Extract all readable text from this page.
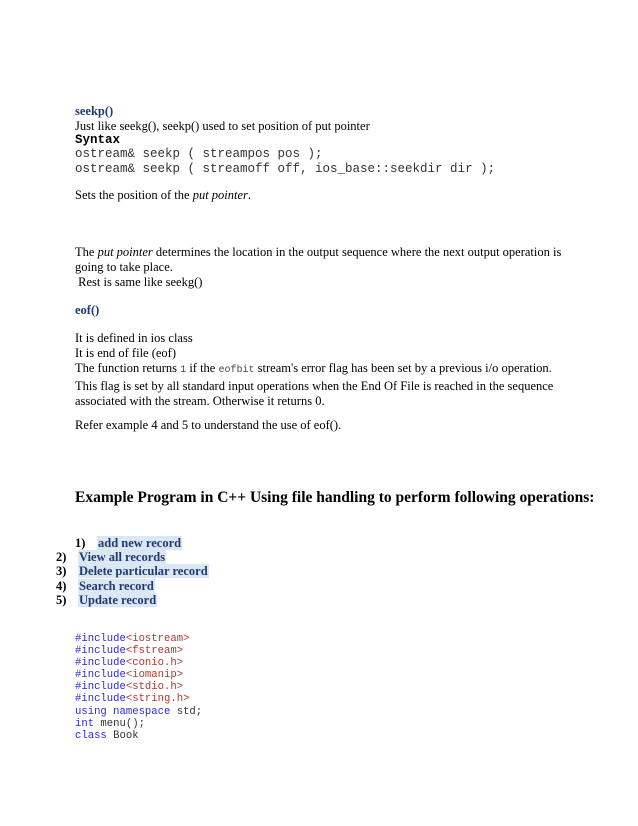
seekp()
Just like seekg(), seekp() used to set position of put pointer
Syntax
ostream& seekp ( streampos pos );
ostream& seekp ( streamoff off, ios_base::seekdir dir );
Sets the position of the put pointer.
The put pointer determines the location in the output sequence where the next output operation is
going to take place.
Rest is same like seekg()
eof()
It is defined in ios class
It is end of file (eof)
The function returns 1 if the eofbit stream's error flag has been set by a previous i/o operation.
This flag is set by all standard input operations when the End Of File is reached in the sequence
associated with the stream. Otherwise it returns 0.
Refer example 4 and 5 to understand the use of eof().
Example Program in C++ Using file handling to perform following operations:
1) add new record
2) View all records
3) Delete particular record
4) Search record
5) Update record
#include<iostream>
#include<fstream>
#include<conio.h>
#include<iomanip>
#include<stdio.h>
#include<string.h>
using namespace std;
int menu();
class Book
